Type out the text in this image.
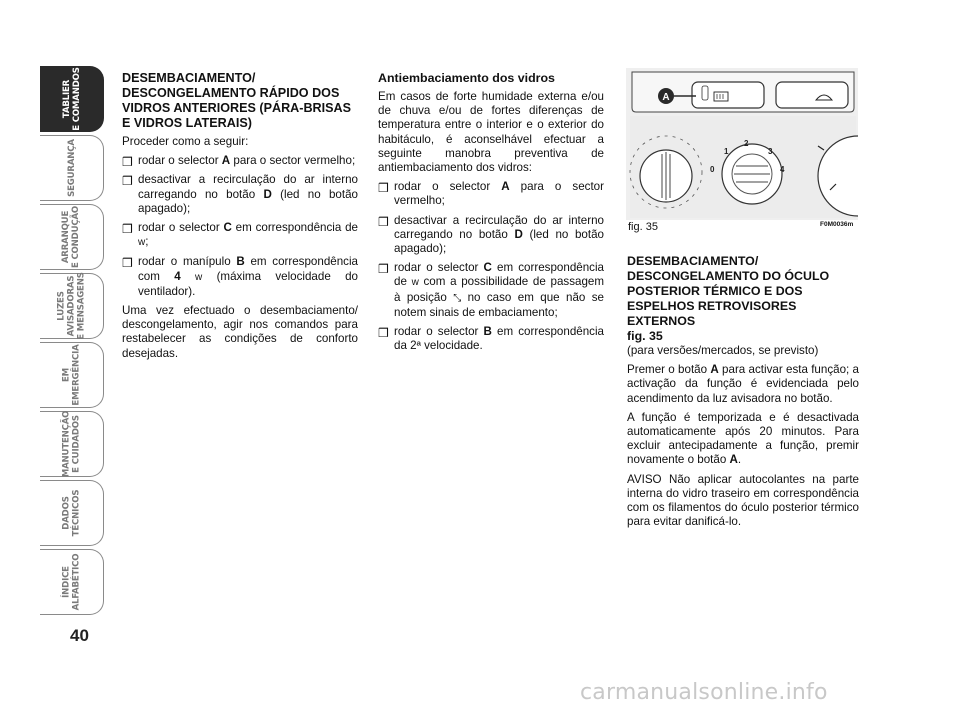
TABLIER
E COMANDOS
SEGURANÇA
ARRANQUE
E CONDUÇÃO
LUZES
AVISADORAS
E MENSAGENS
EM
EMERGÊNCIA
MANUTENÇÃO
E CUIDADOS
DADOS
TÉCNICOS
ÍNDICE
ALFABÉTICO
40
DESEMBACIAMENTO/ DESCONGELAMENTO RÁPIDO DOS VIDROS ANTERIORES (PÁRA-BRISAS E VIDROS LATERAIS)

Proceder como a seguir:

❒ rodar o selector A para o sector vermelho;
❒ desactivar a recirculação do ar interno carregando no botão D (led no botão apagado);
❒ rodar o selector C em correspondência de ᴡ;
❒ rodar o manípulo B em correspondência com 4 ᴡ (máxima velocidade do ventilador).

Uma vez efectuado o desembaciamento/ descongelamento, agir nos comandos para restabelecer as condições de conforto desejadas.

Antiembaciamento dos vidros

Em casos de forte humidade externa e/ou de chuva e/ou de fortes diferenças de temperatura entre o interior e o exterior do habitáculo, é aconselhável efectuar a seguinte manobra preventiva de antiembaciamento dos vidros:

❒ rodar o selector A para o sector vermelho;
❒ desactivar a recirculação do ar interno carregando no botão D (led no botão apagado);
❒ rodar o selector C em correspondência de ᴡ com a possibilidade de passagem à posição ⤡ no caso em que não se notem sinais de embaciamento;
❒ rodar o selector B em correspondência da 2ª velocidade.
A
1
2
3
0	4
fig. 35	F0M0036m
DESEMBACIAMENTO/ DESCONGELAMENTO DO ÓCULO POSTERIOR TÉRMICO E DOS ESPELHOS RETROVISORES EXTERNOS
fig. 35

(para versões/mercados, se previsto)

Premer o botão A para activar esta função; a activação da função é evidenciada pelo acendimento da luz avisadora no botão.

A função é temporizada e é desactivada automaticamente após 20 minutos. Para excluir antecipadamente a função, premir novamente o botão A.

AVISO Não aplicar autocolantes na parte interna do vidro traseiro em correspondência com os filamentos do óculo posterior térmico para evitar danificá-lo.

carmanualsonline.info
